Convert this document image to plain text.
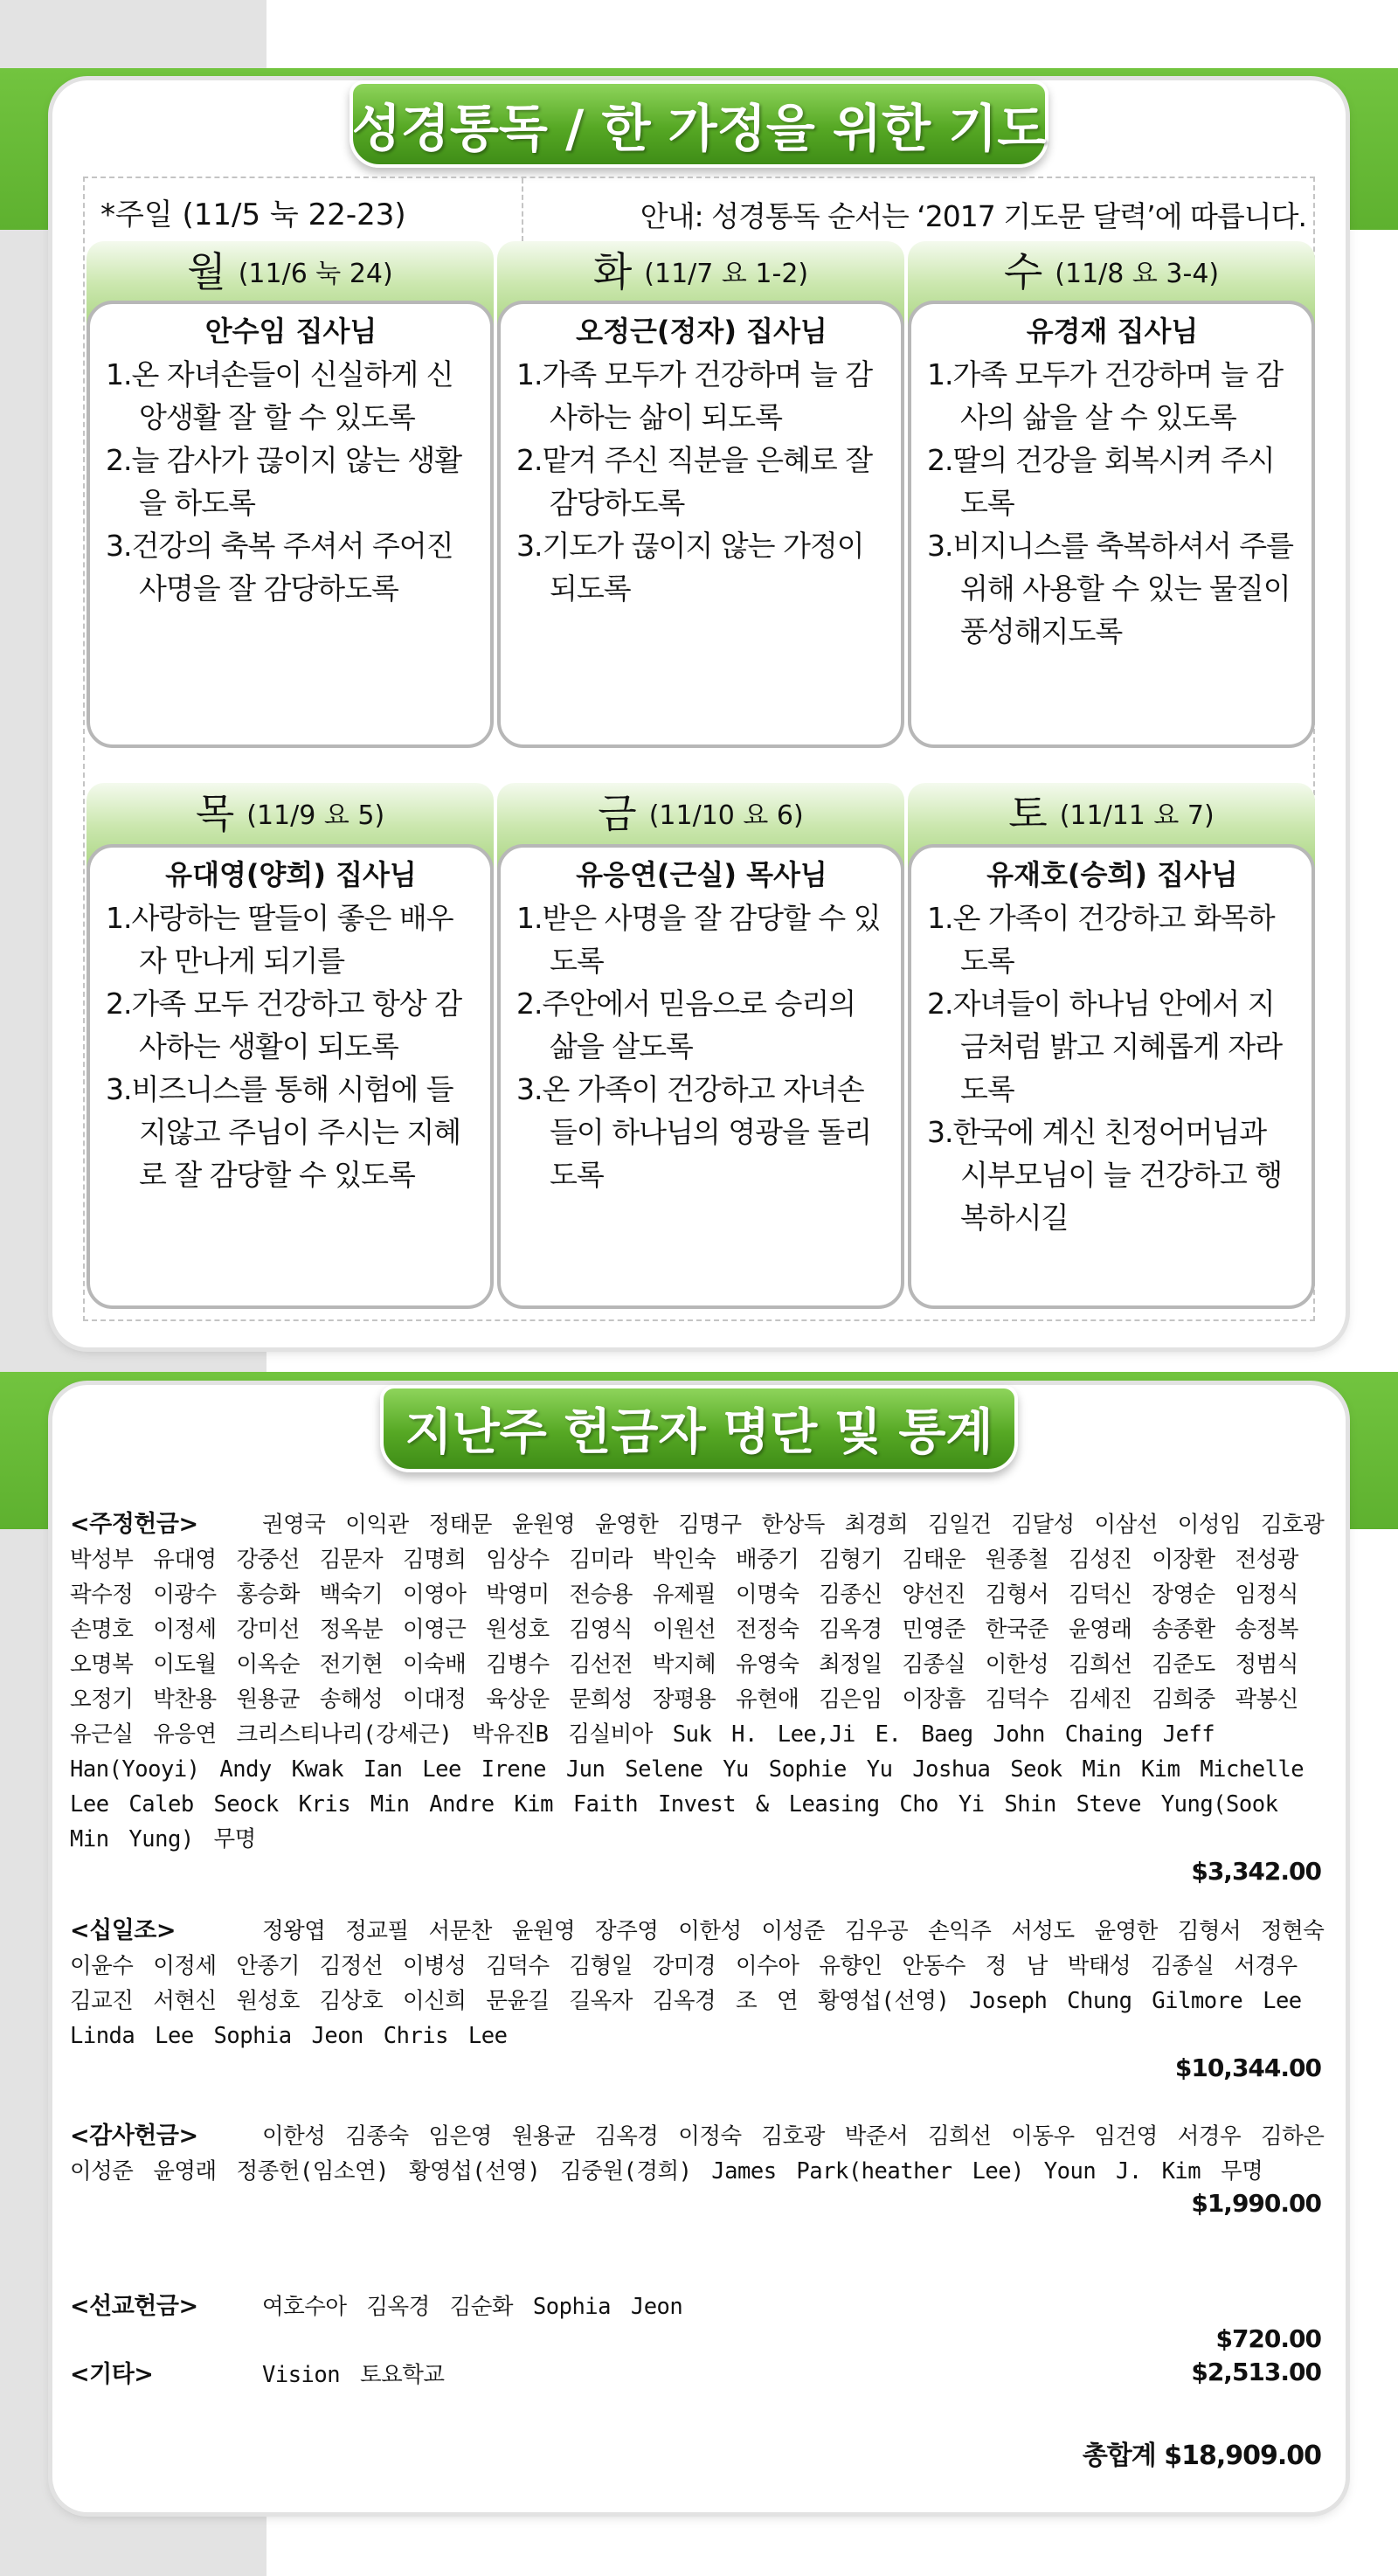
성경통독 / 한 가정을 위한 기도
*주일 (11/5 눅 22-23)	안내: 성경통독 순서는 ‘2017 기도문 달력’에 따릅니다.
월 (11/6 눅 24)
안수임 집사님
1.온 자녀손들이 신실하게 신앙생활 잘 할 수 있도록
2.늘 감사가 끊이지 않는 생활을 하도록
3.건강의 축복 주셔서 주어진 사명을 잘 감당하도록
화 (11/7 요 1-2)
오정근(정자) 집사님
1.가족 모두가 건강하며 늘 감사하는 삶이 되도록
2.맡겨 주신 직분을 은혜로 잘 감당하도록
3.기도가 끊이지 않는 가정이 되도록
수 (11/8 요 3-4)
유경재 집사님
1.가족 모두가 건강하며 늘 감사의 삶을 살 수 있도록
2.딸의 건강을 회복시켜 주시도록
3.비지니스를 축복하셔서 주를 위해 사용할 수 있는 물질이 풍성해지도록
목 (11/9 요 5)
유대영(양희) 집사님
1.사랑하는 딸들이 좋은 배우자 만나게 되기를
2.가족 모두 건강하고 항상 감사하는 생활이 되도록
3.비즈니스를 통해 시험에 들지않고 주님이 주시는 지혜로 잘 감당할 수 있도록
금 (11/10 요 6)
유응연(근실) 목사님
1.받은 사명을 잘 감당할 수 있도록
2.주안에서 믿음으로 승리의 삶을 살도록
3.온 가족이 건강하고 자녀손들이 하나님의 영광을 돌리도록
토 (11/11 요 7)
유재호(승희) 집사님
1.온 가족이 건강하고 화목하도록
2.자녀들이 하나님 안에서 지금처럼 밝고 지혜롭게 자라도록
3.한국에 계신 친정어머님과 시부모님이 늘 건강하고 행복하시길
지난주 헌금자 명단 및 통계
<주정헌금>	권영국 이익관 정태문 윤원영 윤영한 김명구 한상득 최경희 김일건 김달성 이삼선 이성임 김호광 박성부 유대영 강중선 김문자 김명희 임상수 김미라 박인숙 배중기 김형기 김태운 원종철 김성진 이장환 전성광 곽수정 이광수 홍승화 백숙기 이영아 박영미 전승용 유제필 이명숙 김종신 양선진 김형서 김덕신 장영순 임정식 손명호 이정세 강미선 정옥분 이영근 원성호 김영식 이원선 전정숙 김옥경 민영준 한국준 윤영래 송종환 송정복 오명복 이도월 이옥순 전기현 이숙배 김병수 김선전 박지혜 유영숙 최정일 김종실 이한성 김희선 김준도 정범식 오정기 박찬용 원용균 송해성 이대정 육상운 문희성 장평용 유현애 김은임 이장흠 김덕수 김세진 김희중 곽봉신 유근실 유응연 크리스티나리(강세근) 박유진B 김실비아 Suk H. Lee,Ji E. Baeg John Chaing Jeff Han(Yooyi) Andy Kwak Ian Lee Irene Jun Selene Yu Sophie Yu Joshua Seok Min Kim Michelle Lee Caleb Seock Kris Min Andre Kim Faith Invest & Leasing Cho Yi Shin Steve Yung(Sook Min Yung) 무명
$3,342.00
<십일조>	정왕엽 정교필 서문찬 윤원영 장주영 이한성 이성준 김우공 손익주 서성도 윤영한 김형서 정현숙 이윤수 이정세 안종기 김정선 이병성 김덕수 김형일 강미경 이수아 유향인 안동수 정 남 박태성 김종실 서경우 김교진 서현신 원성호 김상호 이신희 문윤길 길옥자 김옥경 조 연 황영섭(선영) Joseph Chung Gilmore Lee Linda Lee Sophia Jeon Chris Lee
$10,344.00
<감사헌금>	이한성 김종숙 임은영 원용균 김옥경 이정숙 김호광 박준서 김희선 이동우 임건영 서경우 김하은 이성준 윤영래 정종헌(임소연) 황영섭(선영) 김중원(경희) James Park(heather Lee) Youn J. Kim 무명
$1,990.00
<선교헌금>	여호수아 김옥경 김순화 Sophia Jeon
$720.00
<기타>	Vision 토요학교	$2,513.00
총합계 $18,909.00
